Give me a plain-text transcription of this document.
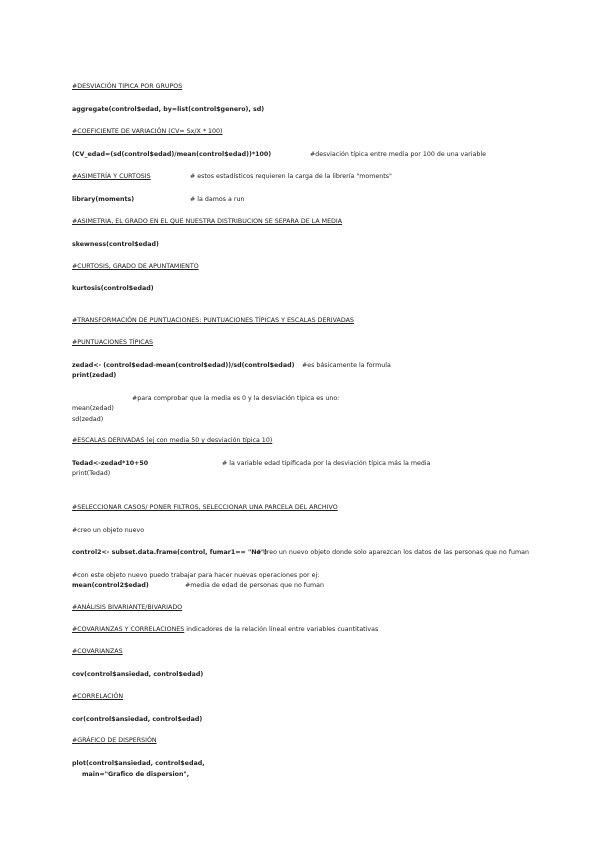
#DESVIACIÓN TIPICA POR GRUPOS
aggregate(control$edad, by=list(control$genero), sd)
#COEFICIENTE DE VARIACIÓN (CV= Sx/X * 100)
(CV_edad=(sd(control$edad)/mean(control$edad))*100)	#desviación típica entre media por 100 de una variable
#ASIMETRÍA Y CURTOSIS	# estos estadísticos requieren la carga de la librería "moments"
library(moments)	# la damos a run
#ASIMETRIA, EL GRADO EN EL QUE NUESTRA DISTRIBUCION SE SEPARA DE LA MEDIA
skewness(control$edad)
#CURTOSIS, GRADO DE APUNTAMIENTO
kurtosis(control$edad)
#TRANSFORMACIÓN DE PUNTUACIONES: PUNTUACIONES TÍPICAS Y ESCALAS DERIVADAS
#PUNTUACIONES TÍPICAS
zedad<- (control$edad-mean(control$edad))/sd(control$edad) #es básicamente la formula
print(zedad)
#para comprobar que la media es 0 y la desviación típica es uno:
mean(zedad)
sd(zedad)
#ESCALAS DERIVADAS (ej con media 50 y desviación típica 10)
Tedad<-zedad*10+50	# la variable edad tipificada por la desviación típica más la media
print(Tedad)
#SELECCIONAR CASOS/ PONER FILTROS, SELECCIONAR UNA PARCELA DEL ARCHIVO
#creo un objeto nuevo
control2<- subset.data.frame(control, fumar1== "No")
# creo un nuevo objeto donde solo aparezcan los datos de las personas que no fuman
#con este objeto nuevo puedo trabajar para hacer nuevas operaciones por ej:
mean(control2$edad)	#media de edad de personas que no fuman
#ANÁLISIS BIVARIANTE/BIVARIADO
#COVARIANZAS Y CORRELACIONES indicadores de la relación lineal entre variables cuantitativas
#COVARIANZAS
cov(control$ansiedad, control$edad)
#CORRELACIÓN
cor(control$ansiedad, control$edad)
#GRÁFICO DE DISPERSIÓN
plot(control$ansiedad, control$edad,
main="Grafico de dispersion",
